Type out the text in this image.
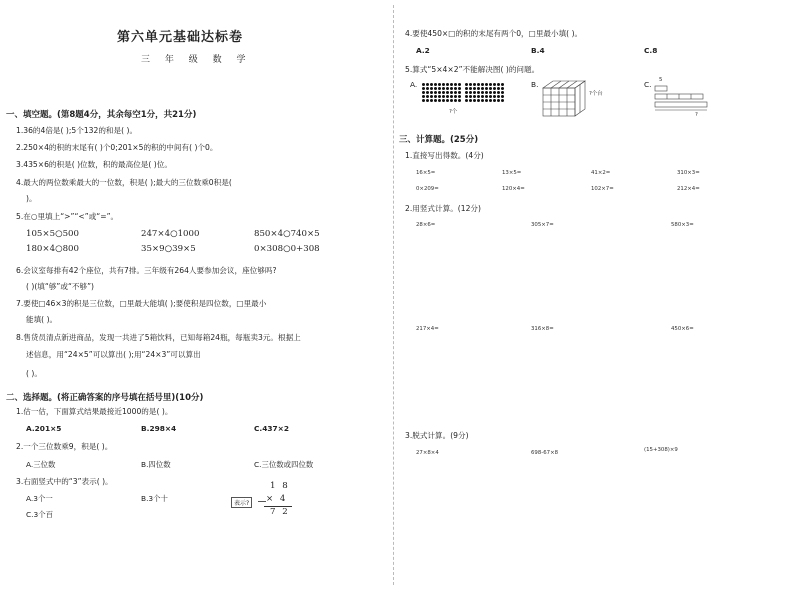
第六单元基础达标卷
三 年 级 数 学
一、填空题。(第8题4分，其余每空1分，共21分)
1.36的4倍是( );5个132的和是( )。
2.250×4的积的末尾有( )个0;201×5的积的中间有( )个0。
3.435×6的积是( )位数，积的最高位是( )位。
4.最大的两位数乘最大的一位数，积是( );最大的三位数乘0积是(
)。
5.在○里填上“>”“<”或“=”。
105×5○500	247×4○1000	850×4○740×5
180×4○800	35×9○39×5	0×308○0+308
6.会议室每排有42个座位，共有7排。三年级有264人要参加会议，座位够吗?
( )(填“够”或“不够”)
7.要使□46×3的积是三位数，□里最大能填( );要使积是四位数，□里最小
能填( )。
8.售货员清点新进商品，发现一共进了5箱饮料，已知每箱24瓶，每瓶卖3元。根据上
述信息，用“24×5”可以算出( );用“24×3”可以算出
( )。
二、选择题。(将正确答案的序号填在括号里)(10分)
1.估一估，下面算式结果最接近1000的是( )。
A.201×5	B.298×4	C.437×2
2.一个三位数乘9，积是( )。
A.三位数	B.四位数	C.三位数或四位数
3.右面竖式中的“3”表示( )。
A.3个一	B.3个十
C.3个百
表示?
1 8
× 4
7 2
4.要使450×□的积的末尾有两个0，□里最小填( )。
A.2	B.4	C.8
5.算式“5×4×2”不能解决图( )的问题。
A.
?个
B.
?个台
C. 5
?
三、计算题。(25分)
1.直接写出得数。(4分)
16×5=	13×5=	41×2=	310×3=
0×209=	120×4=	102×7=	212×4=
2.用竖式计算。(12分)
28×6=	305×7=	580×3=
217×4=	316×8=	450×6=
3.脱式计算。(9分)
27×8×4	698-67×8	(15+308)×9
